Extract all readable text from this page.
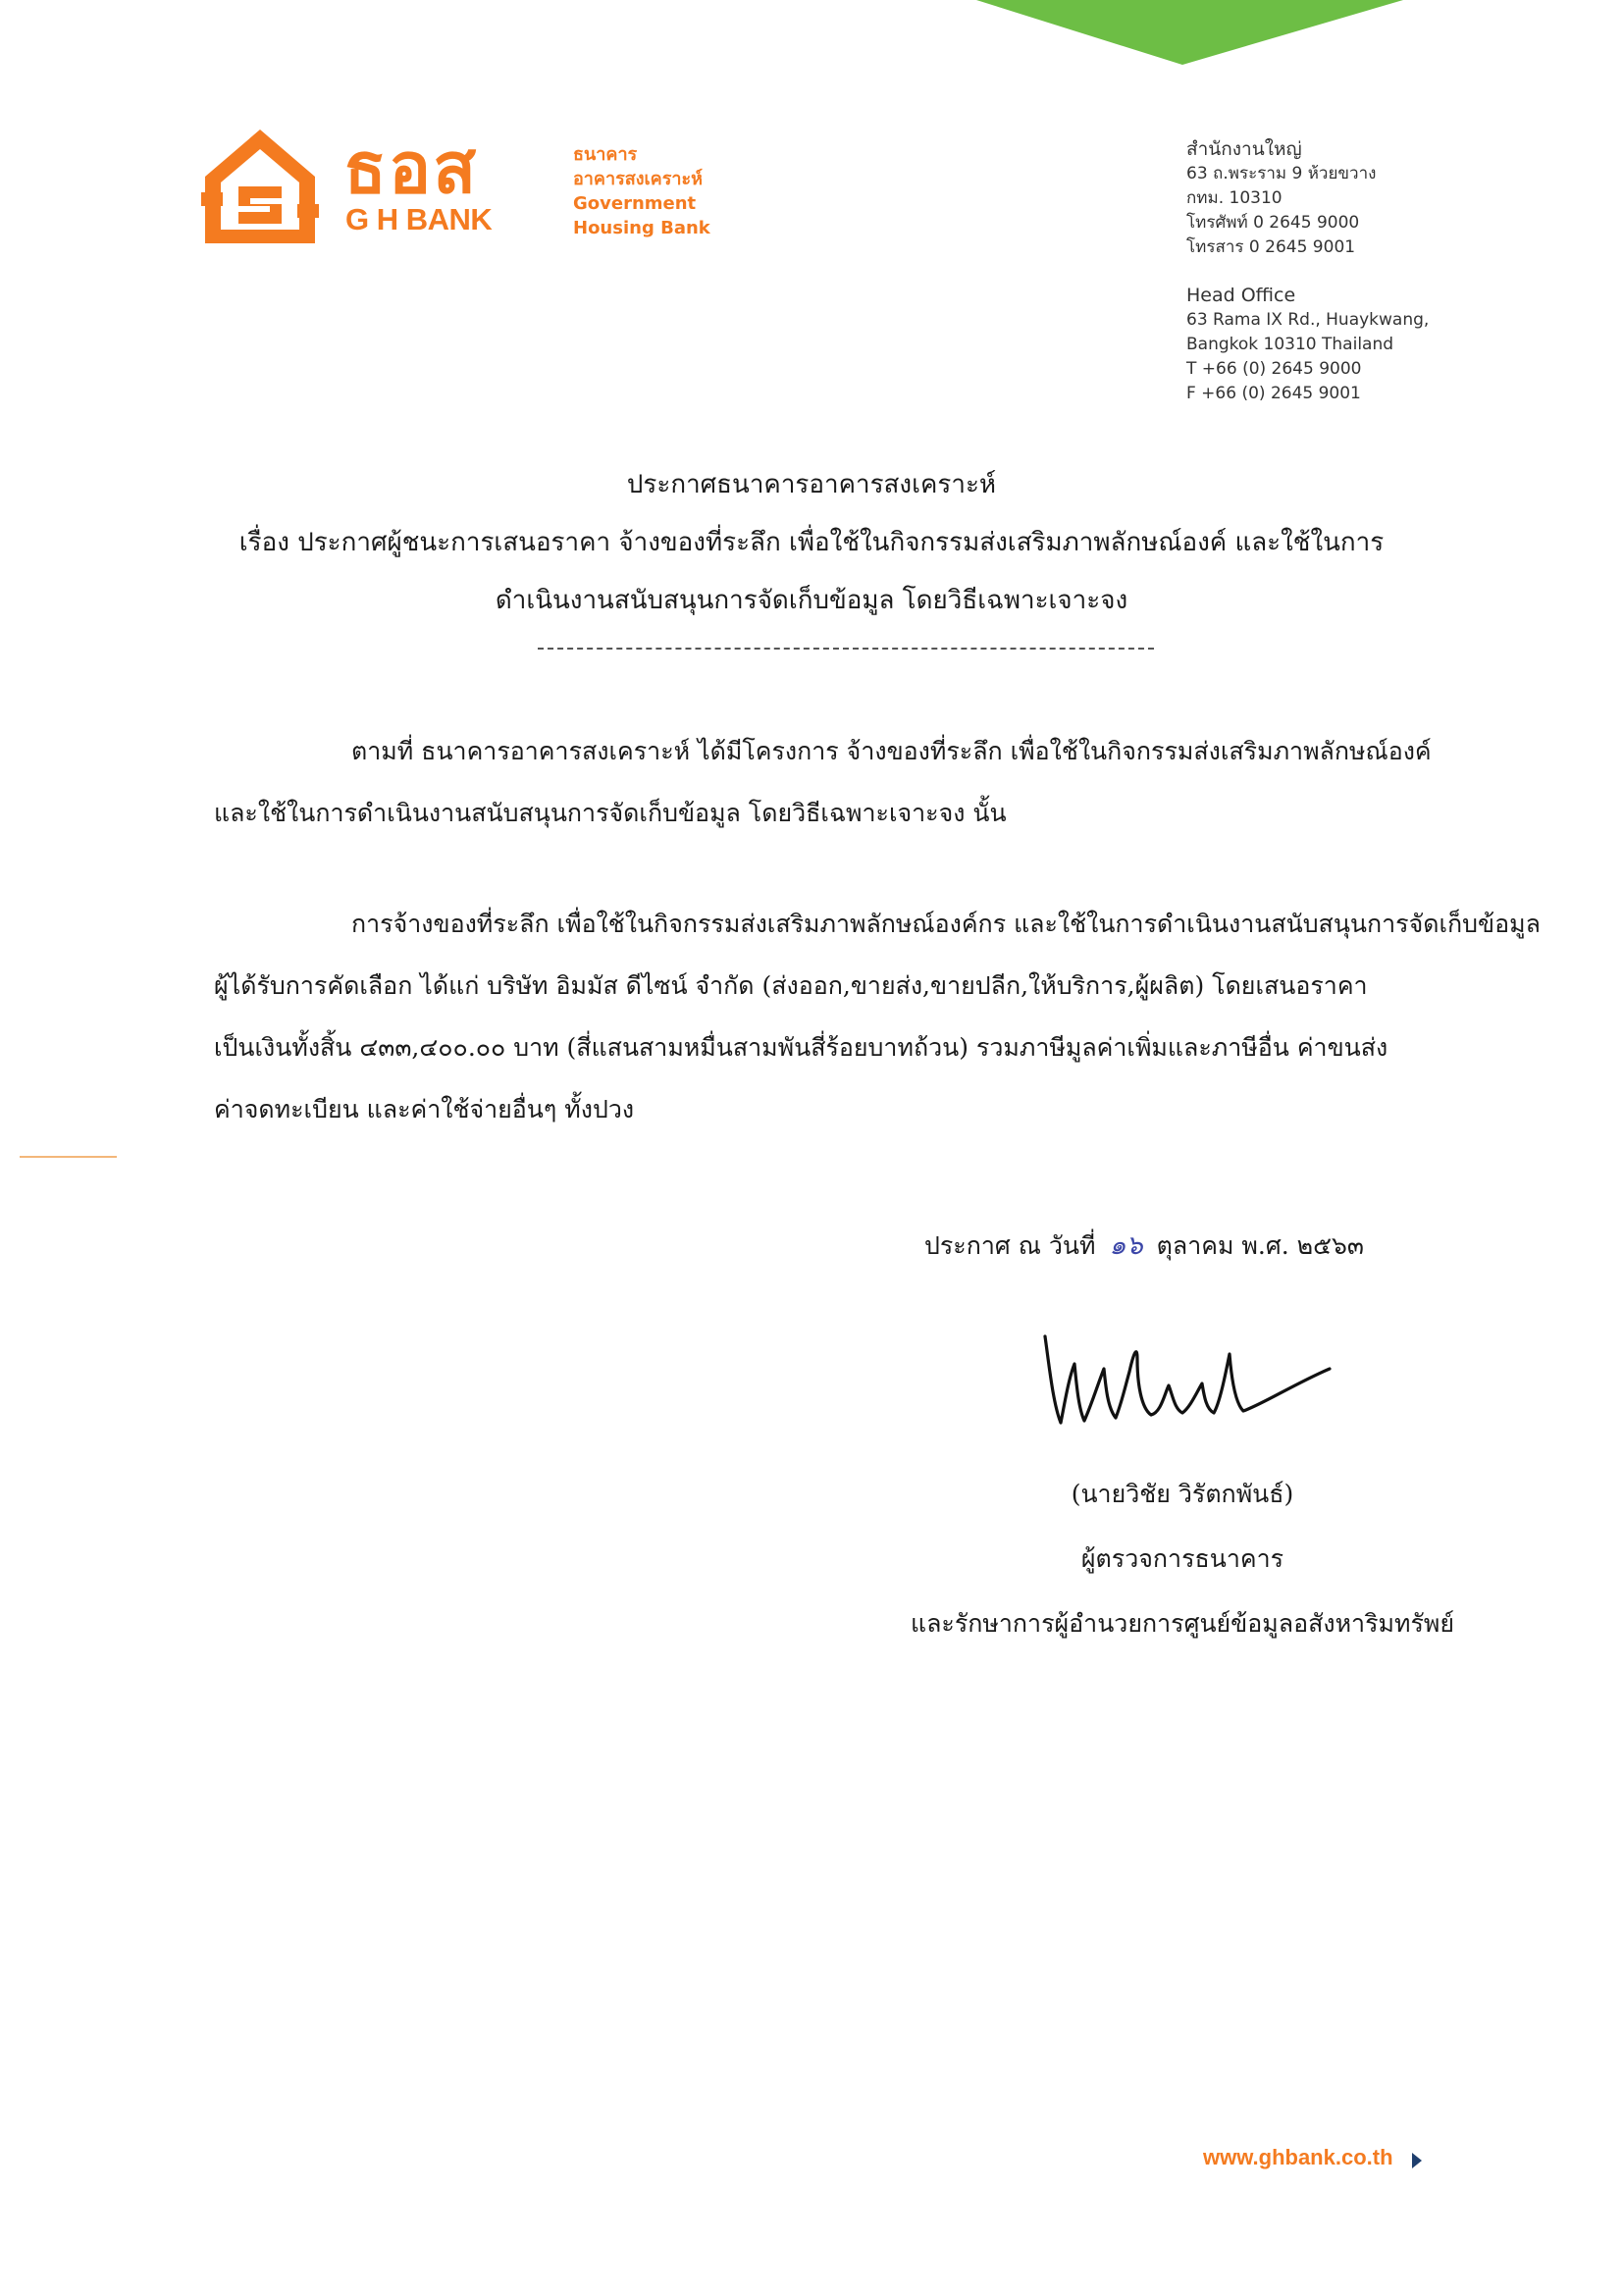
ธอส
G H BANK
ธนาคาร
อาคารสงเคราะห์
Government
Housing Bank
สำนักงานใหญ่
63 ถ.พระราม 9 ห้วยขวาง
กทม. 10310
โทรศัพท์ 0 2645 9000
โทรสาร 0 2645 9001
Head Office
63 Rama IX Rd., Huaykwang,
Bangkok 10310 Thailand
T +66 (0) 2645 9000
F +66 (0) 2645 9001
ประกาศธนาคารอาคารสงเคราะห์
เรื่อง ประกาศผู้ชนะการเสนอราคา จ้างของที่ระลึก เพื่อใช้ในกิจกรรมส่งเสริมภาพลักษณ์องค์ และใช้ในการ
ดำเนินงานสนับสนุนการจัดเก็บข้อมูล โดยวิธีเฉพาะเจาะจง
ตามที่ ธนาคารอาคารสงเคราะห์ ได้มีโครงการ จ้างของที่ระลึก เพื่อใช้ในกิจกรรมส่งเสริมภาพลักษณ์องค์
และใช้ในการดำเนินงานสนับสนุนการจัดเก็บข้อมูล โดยวิธีเฉพาะเจาะจง นั้น
การจ้างของที่ระลึก เพื่อใช้ในกิจกรรมส่งเสริมภาพลักษณ์องค์กร และใช้ในการดำเนินงานสนับสนุนการจัดเก็บข้อมูล
ผู้ได้รับการคัดเลือก ได้แก่ บริษัท อิมมัส ดีไซน์ จำกัด (ส่งออก,ขายส่ง,ขายปลีก,ให้บริการ,ผู้ผลิต) โดยเสนอราคา
เป็นเงินทั้งสิ้น ๔๓๓,๔๐๐.๐๐ บาท (สี่แสนสามหมื่นสามพันสี่ร้อยบาทถ้วน) รวมภาษีมูลค่าเพิ่มและภาษีอื่น ค่าขนส่ง
ค่าจดทะเบียน และค่าใช้จ่ายอื่นๆ ทั้งปวง
ประกาศ ณ วันที่ ๑๖ ตุลาคม พ.ศ. ๒๕๖๓
(นายวิชัย วิรัตกพันธ์)
ผู้ตรวจการธนาคาร
และรักษาการผู้อำนวยการศูนย์ข้อมูลอสังหาริมทรัพย์
www.ghbank.co.th
